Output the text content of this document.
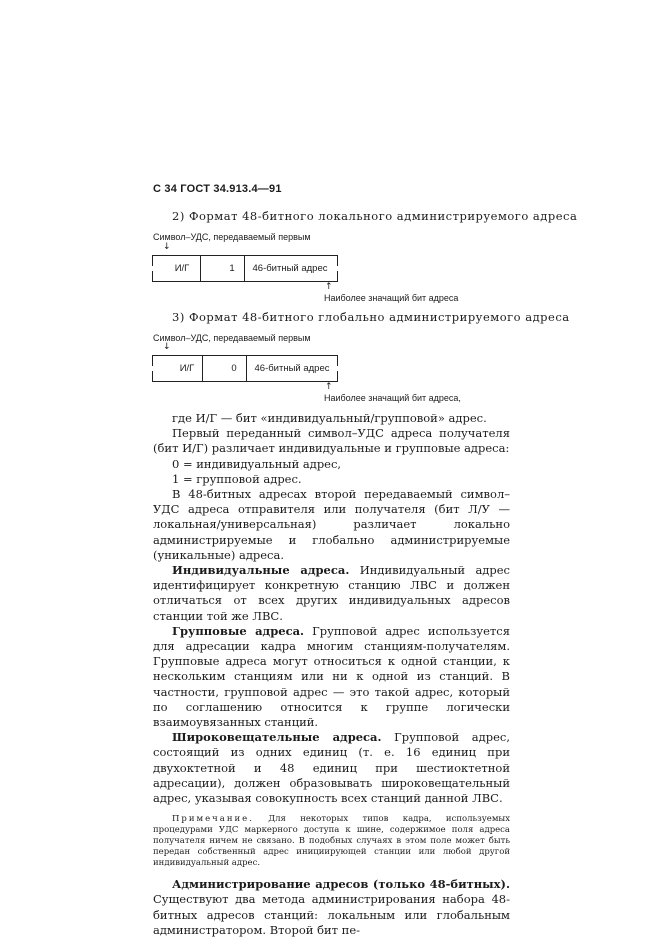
С 34 ГОСТ 34.913.4—91
2) Формат 48-битного локального администрируемого адреса
Символ–УДС, передаваемый первым
↓
И/Г	1	46-битный адрес
↑
Наиболее значащий бит адреса
3) Формат 48-битного глобально администрируемого адреса
Символ–УДС, передаваемый первым
↓
И/Г	0	46-битный адрес
↑
Наиболее значащий бит адреса,

где И/Г — бит «индивидуальный/групповой» адрес.

Первый переданный символ–УДС адреса получателя (бит И/Г) различает индивидуальные и групповые адреса:

0 = индивидуальный адрес,

1 = групповой адрес.

В 48-битных адресах второй передаваемый символ–УДС адреса отправителя или получателя (бит Л/У — локальная/универсальная) различает локально администрируемые и глобально администрируемые (уникальные) адреса.

Индивидуальные адреса. Индивидуальный адрес идентифицирует конкретную станцию ЛВС и должен отличаться от всех других индивидуальных адресов станции той же ЛВС.

Групповые адреса. Групповой адрес используется для адресации кадра многим станциям-получателям. Групповые адреса могут относиться к одной станции, к нескольким станциям или ни к одной из станций. В частности, групповой адрес — это такой адрес, который по соглашению относится к группе логически взаимоувязанных станций.

Широковещательные адреса. Групповой адрес, состоящий из одних единиц (т. е. 16 единиц при двухоктетной и 48 единиц при шестиоктетной адресации), должен образовывать широковещательный адрес, указывая совокупность всех станций данной ЛВС.

Примечание. Для некоторых типов кадра, используемых процедурами УДС маркерного доступа к шине, содержимое поля адреса получателя ничем не связано. В подобных случаях в этом поле может быть передан собственный адрес инициирующей станции или любой другой индивидуальный адрес.

Администрирование адресов (только 48-битных). Существуют два метода администрирования набора 48-битных адресов станций: локальным или глобальным администратором. Второй бит пе-
